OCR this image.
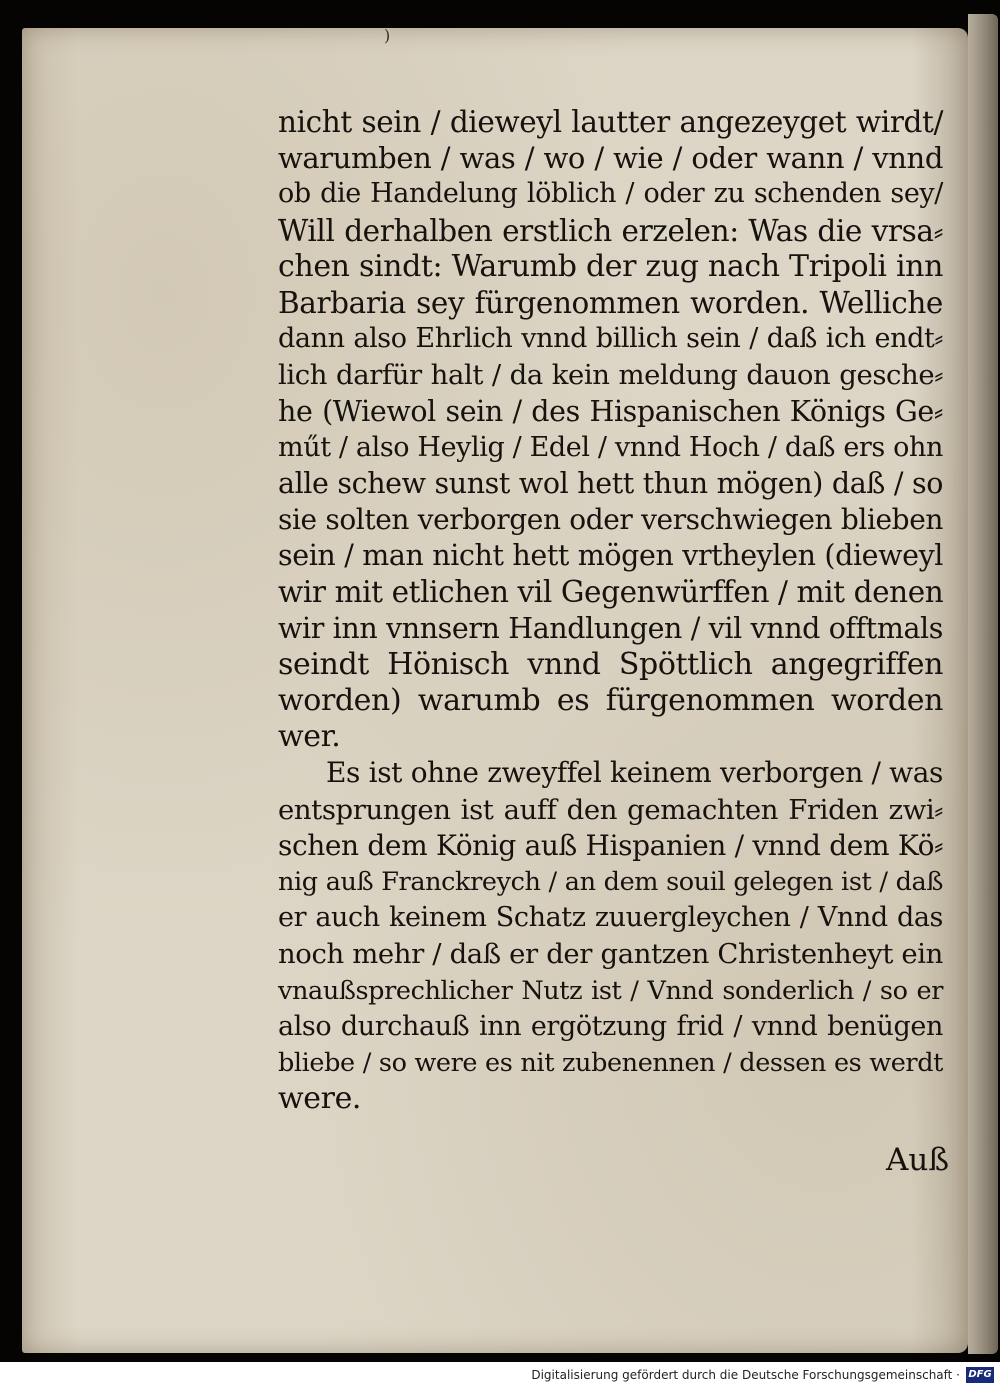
)
nicht sein / dieweyl lautter angezeyget wirdt/
warumben / was / wo / wie / oder wann / vnnd
ob die Handelung löblich / oder zu schenden sey/
Will derhalben erstlich erzelen: Was die vrsa⸗
chen sindt: Warumb der zug nach Tripoli inn
Barbaria sey fürgenommen worden. Welliche
dann also Ehrlich vnnd billich sein / daß ich endt⸗
lich darfür halt / da kein meldung dauon gesche⸗
he (Wiewol sein / des Hispanischen Königs Ge⸗
műt / also Heylig / Edel / vnnd Hoch / daß ers ohn
alle schew sunst wol hett thun mögen) daß / so
sie solten verborgen oder verschwiegen blieben
sein / man nicht hett mögen vrtheylen (dieweyl
wir mit etlichen vil Gegenwürffen / mit denen
wir inn vnnsern Handlungen / vil vnnd offtmals
seindt Hönisch vnnd Spöttlich angegriffen
worden) warumb es fürgenommen worden
wer.
Es ist ohne zweyffel keinem verborgen / was
entsprungen ist auff den gemachten Friden zwi⸗
schen dem König auß Hispanien / vnnd dem Kö⸗
nig auß Franckreych / an dem souil gelegen ist / daß
er auch keinem Schatz zuuergleychen / Vnnd das
noch mehr / daß er der gantzen Christenheyt ein
vnaußsprechlicher Nutz ist / Vnnd sonderlich / so er
also durchauß inn ergötzung frid / vnnd benügen
bliebe / so were es nit zubenennen / dessen es werdt
were.
Auß
Digitalisierung gefördert durch die Deutsche Forschungsgemeinschaft · DFG
